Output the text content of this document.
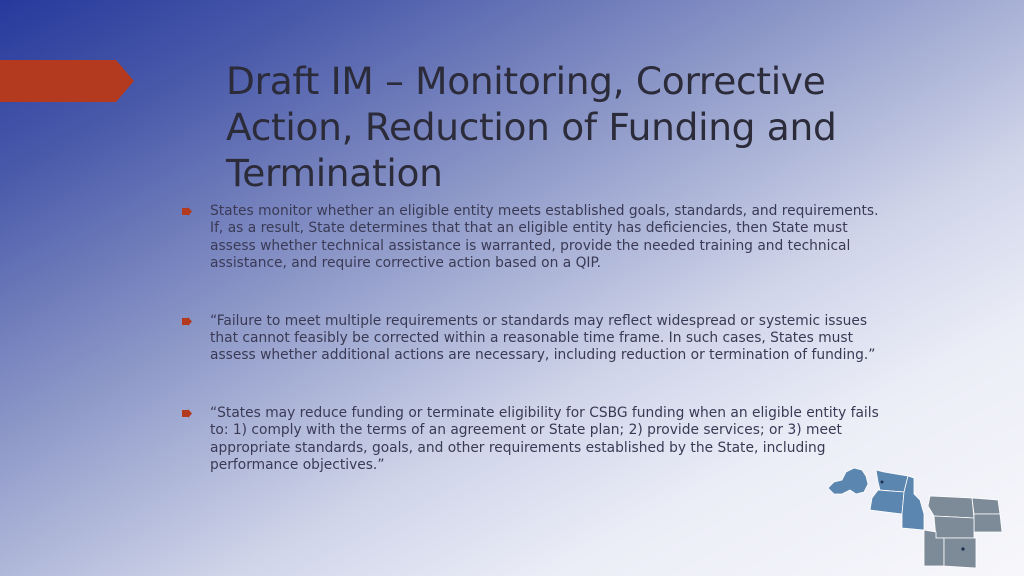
Draft IM – Monitoring, Corrective Action, Reduction of Funding and Termination
States monitor whether an eligible entity meets established goals, standards, and requirements. If, as a result, State determines that that an eligible entity has deficiencies, then State must assess whether technical assistance is warranted, provide the needed training and technical assistance, and require corrective action based on a QIP.
“Failure to meet multiple requirements or standards may reflect widespread or systemic issues that cannot feasibly be corrected within a reasonable time frame. In such cases, States must assess whether additional actions are necessary, including reduction or termination of funding.”
“States may reduce funding or terminate eligibility for CSBG funding when an eligible entity fails to: 1) comply with the terms of an agreement or State plan; 2) provide services; or 3) meet appropriate standards, goals, and other requirements established by the State, including performance objectives.”
